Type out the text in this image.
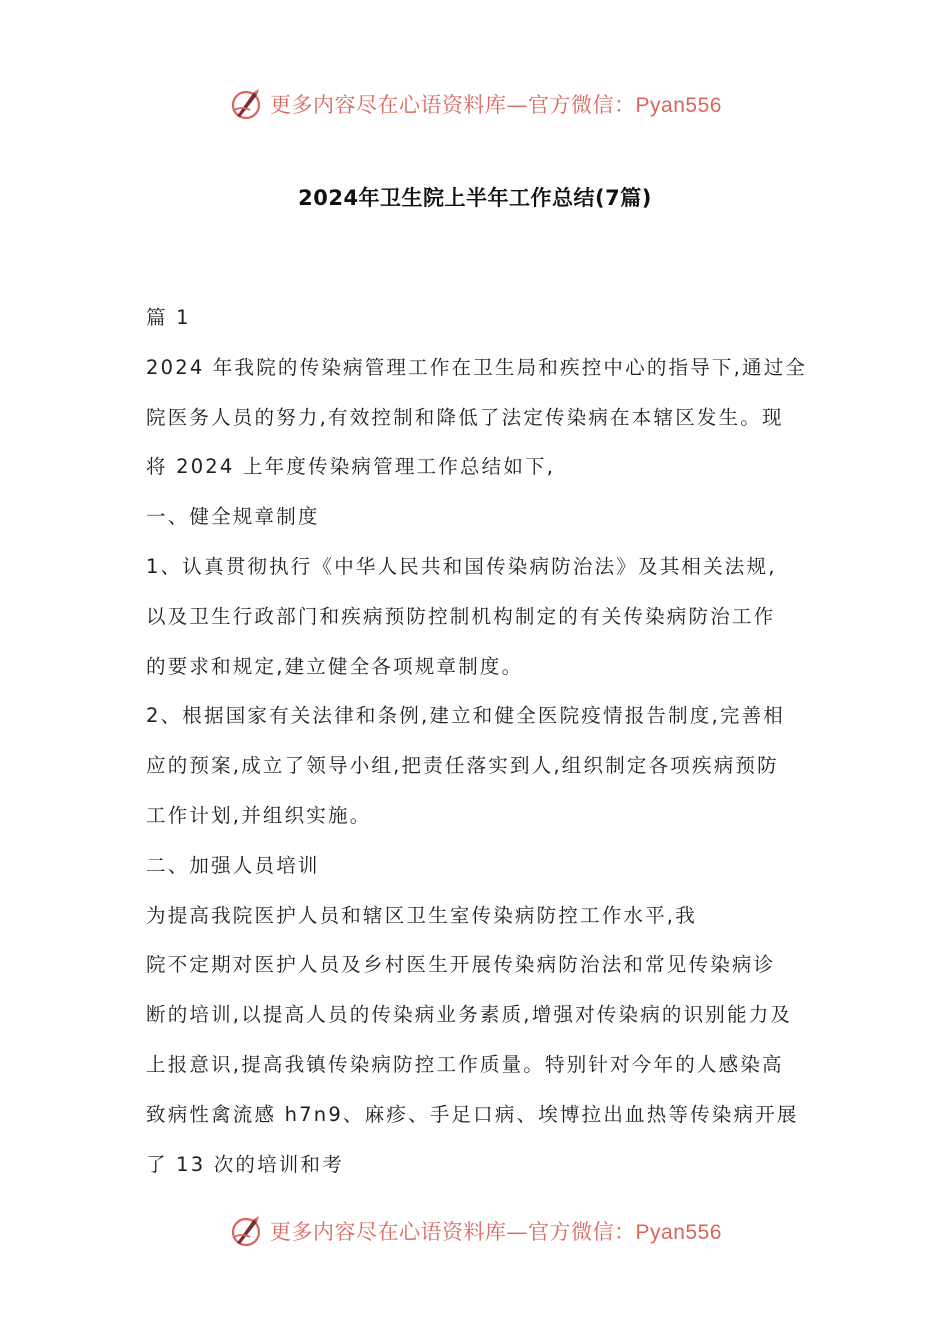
更多内容尽在心语资料库—官方微信：Pyan556
2024年卫生院上半年工作总结(7篇)
篇 1
2024 年我院的传染病管理工作在卫生局和疾控中心的指导下,通过全
院医务人员的努力,有效控制和降低了法定传染病在本辖区发生。现
将 2024 上年度传染病管理工作总结如下,
一、健全规章制度
1、认真贯彻执行《中华人民共和国传染病防治法》及其相关法规,
以及卫生行政部门和疾病预防控制机构制定的有关传染病防治工作
的要求和规定,建立健全各项规章制度。
2、根据国家有关法律和条例,建立和健全医院疫情报告制度,完善相
应的预案,成立了领导小组,把责任落实到人,组织制定各项疾病预防
工作计划,并组织实施。
二、加强人员培训
为提高我院医护人员和辖区卫生室传染病防控工作水平,我
院不定期对医护人员及乡村医生开展传染病防治法和常见传染病诊
断的培训,以提高人员的传染病业务素质,增强对传染病的识别能力及
上报意识,提高我镇传染病防控工作质量。特别针对今年的人感染高
致病性禽流感 h7n9、麻疹、手足口病、埃博拉出血热等传染病开展
了 13 次的培训和考
更多内容尽在心语资料库—官方微信：Pyan556
